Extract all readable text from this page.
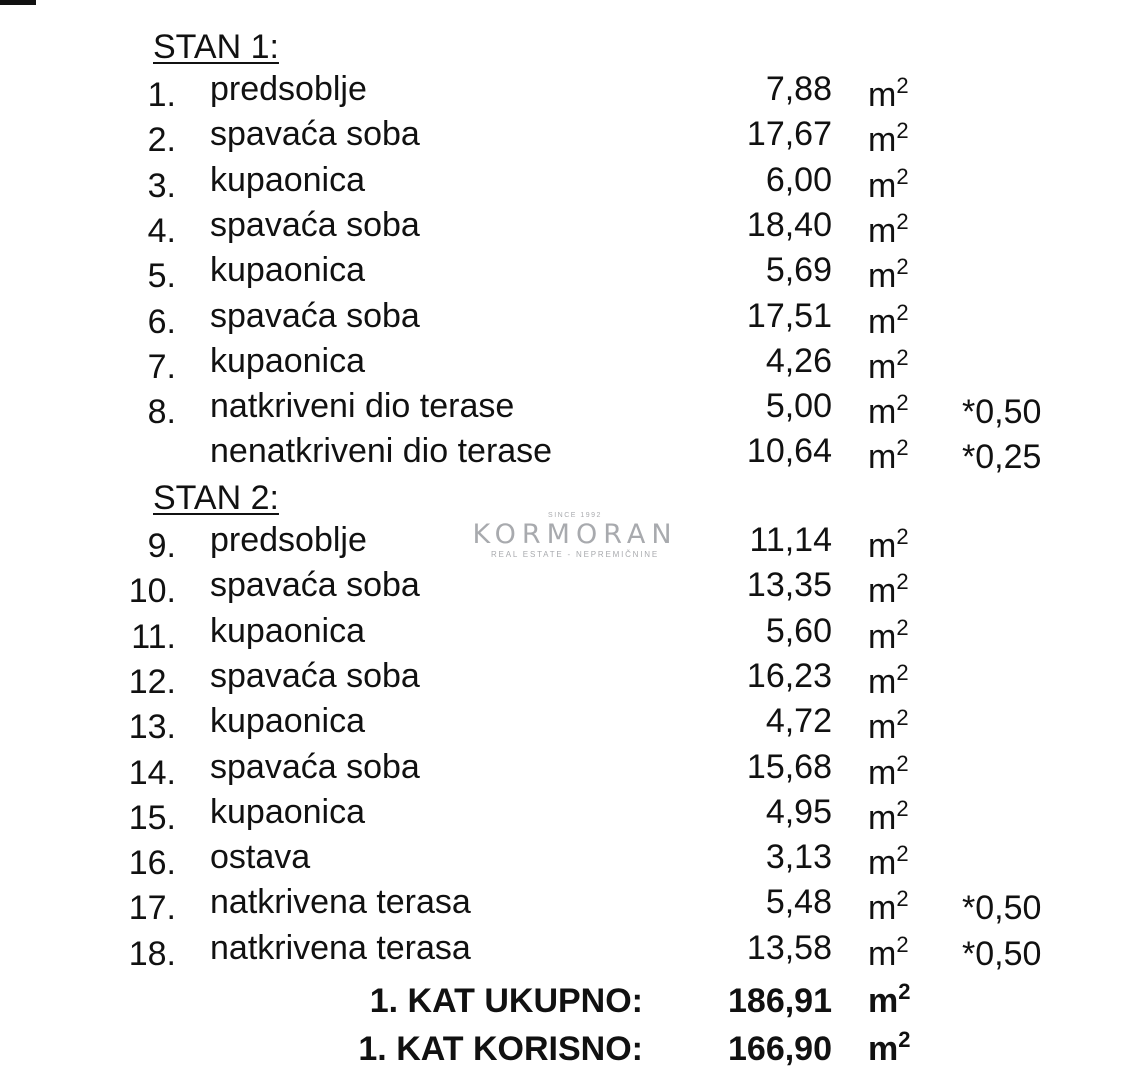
STAN 1:
1. predsoblje	7,88 $m^2$
2. spavaća soba	17,67 $m^2$
3. kupaonica	6,00 $m^2$
4. spavaća soba	18,40 $m^2$
5. kupaonica	5,69 $m^2$
6. spavaća soba	17,51 $m^2$
7. kupaonica	4,26 $m^2$
8. natkriveni dio terase	5,00 $m^2$ *0,50
nenatkriveni dio terase	10,64 $m^2$ *0,25
STAN 2:
9. predsoblje	11,14 $m^2$
10. spavaća soba	13,35 $m^2$
11. kupaonica	5,60 $m^2$
12. spavaća soba	16,23 $m^2$
13. kupaonica	4,72 $m^2$
14. spavaća soba	15,68 $m^2$
15. kupaonica	4,95 $m^2$
16. ostava	3,13 $m^2$
17. natkrivena terasa	5,48 $m^2$ *0,50
18. natkrivena terasa	13,58 $m^2$ *0,50
1. KAT UKUPNO:	186,91 $m^2$
1. KAT KORISNO:	166,90 $m^2$
SINCE 1992
KORMORAN
REAL ESTATE - NEPREMIČNINE
